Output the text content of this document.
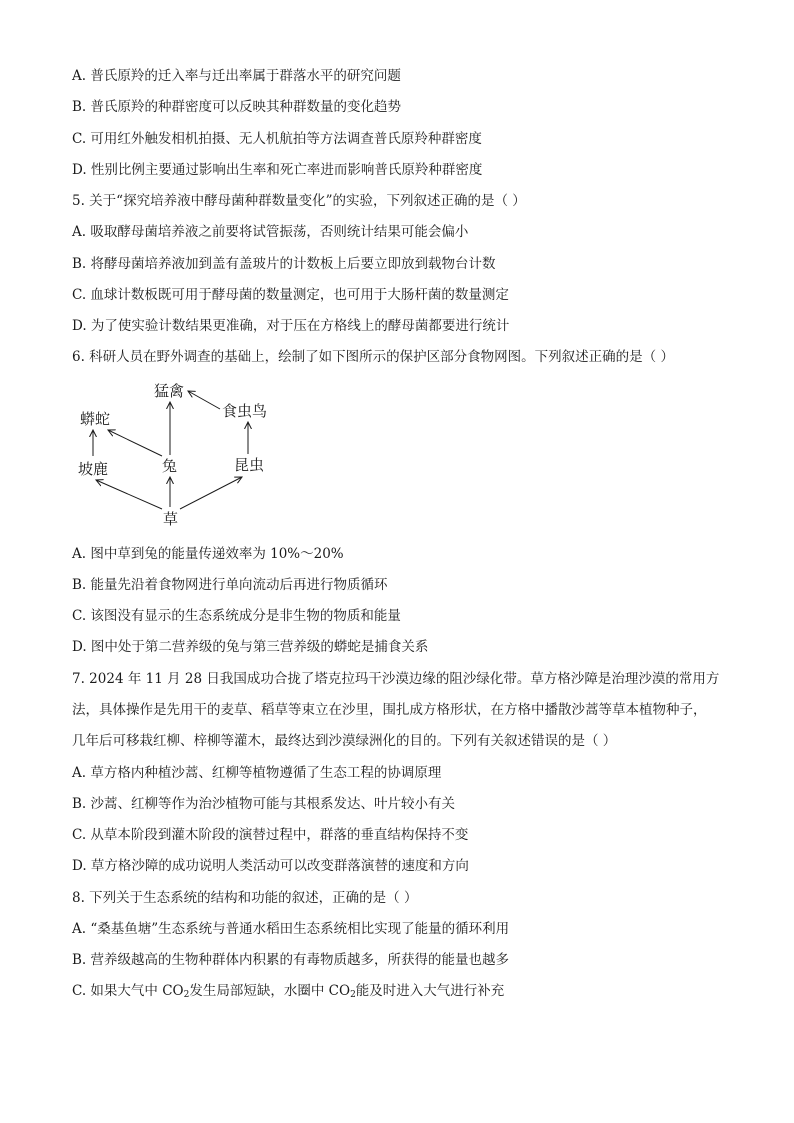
A. 普氏原羚的迁入率与迁出率属于群落水平的研究问题
B. 普氏原羚的种群密度可以反映其种群数量的变化趋势
C. 可用红外触发相机拍摄、无人机航拍等方法调查普氏原羚种群密度
D. 性别比例主要通过影响出生率和死亡率进而影响普氏原羚种群密度
5. 关于“探究培养液中酵母菌种群数量变化”的实验，下列叙述正确的是（ ）
A. 吸取酵母菌培养液之前要将试管振荡，否则统计结果可能会偏小
B. 将酵母菌培养液加到盖有盖玻片的计数板上后要立即放到载物台计数
C. 血球计数板既可用于酵母菌的数量测定，也可用于大肠杆菌的数量测定
D. 为了使实验计数结果更准确，对于压在方格线上的酵母菌都要进行统计
6. 科研人员在野外调查的基础上，绘制了如下图所示的保护区部分食物网图。下列叙述正确的是（ ）
猛禽
蟒蛇	食虫鸟
坡鹿	兔	昆虫
草
A. 图中草到兔的能量传递效率为 10%～20%
B. 能量先沿着食物网进行单向流动后再进行物质循环
C. 该图没有显示的生态系统成分是非生物的物质和能量
D. 图中处于第二营养级的兔与第三营养级的蟒蛇是捕食关系
7. 2024 年 11 月 28 日我国成功合拢了塔克拉玛干沙漠边缘的阻沙绿化带。草方格沙障是治理沙漠的常用方
法，具体操作是先用干的麦草、稻草等束立在沙里，围扎成方格形状，在方格中播散沙蒿等草本植物种子，
几年后可移栽红柳、梓柳等灌木，最终达到沙漠绿洲化的目的。下列有关叙述错误的是（ ）
A. 草方格内种植沙蒿、红柳等植物遵循了生态工程的协调原理
B. 沙蒿、红柳等作为治沙植物可能与其根系发达、叶片较小有关
C. 从草本阶段到灌木阶段的演替过程中，群落的垂直结构保持不变
D. 草方格沙障的成功说明人类活动可以改变群落演替的速度和方向
8. 下列关于生态系统的结构和功能的叙述，正确的是（ ）
A. “桑基鱼塘”生态系统与普通水稻田生态系统相比实现了能量的循环利用
B. 营养级越高的生物种群体内积累的有毒物质越多，所获得的能量也越多
C. 如果大气中 $CO_2$发生局部短缺，水圈中 $CO_2$能及时进入大气进行补充
